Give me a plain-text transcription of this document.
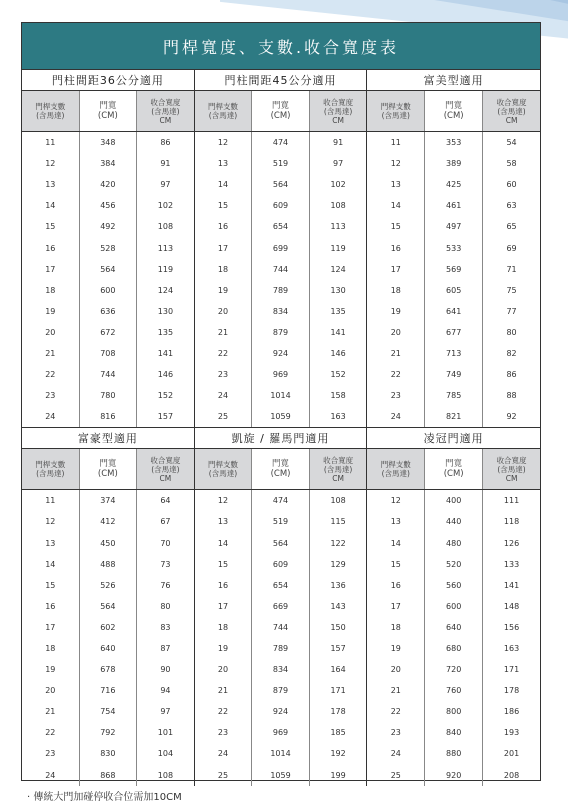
門桿寬度、支數.收合寬度表
門柱間距36公分適用
門桿支數
(含馬達)
門寬
(CM)
收合寬度
(含馬達)
CM
11	348	86
12	384	91
13	420	97
14	456	102
15	492	108
16	528	113
17	564	119
18	600	124
19	636	130
20	672	135
21	708	141
22	744	146
23	780	152
24	816	157
門柱間距45公分適用
門桿支數
(含馬達)
門寬
(CM)
收合寬度
(含馬達)
CM
12	474	91
13	519	97
14	564	102
15	609	108
16	654	113
17	699	119
18	744	124
19	789	130
20	834	135
21	879	141
22	924	146
23	969	152
24	1014	158
25	1059	163
富美型適用
門桿支數
(含馬達)
門寬
(CM)
收合寬度
(含馬達)
CM
11	353	54
12	389	58
13	425	60
14	461	63
15	497	65
16	533	69
17	569	71
18	605	75
19	641	77
20	677	80
21	713	82
22	749	86
23	785	88
24	821	92
富豪型適用
門桿支數
(含馬達)
門寬
(CM)
收合寬度
(含馬達)
CM
11	374	64
12	412	67
13	450	70
14	488	73
15	526	76
16	564	80
17	602	83
18	640	87
19	678	90
20	716	94
21	754	97
22	792	101
23	830	104
24	868	108
凱旋 / 羅馬門適用
門桿支數
(含馬達)
門寬
(CM)
收合寬度
(含馬達)
CM
12	474	108
13	519	115
14	564	122
15	609	129
16	654	136
17	669	143
18	744	150
19	789	157
20	834	164
21	879	171
22	924	178
23	969	185
24	1014	192
25	1059	199
凌冠門適用
門桿支數
(含馬達)
門寬
(CM)
收合寬度
(含馬達)
CM
12	400	111
13	440	118
14	480	126
15	520	133
16	560	141
17	600	148
18	640	156
19	680	163
20	720	171
21	760	178
22	800	186
23	840	193
24	880	201
25	920	208
· 傳統大門加碰停收合位需加10CM
